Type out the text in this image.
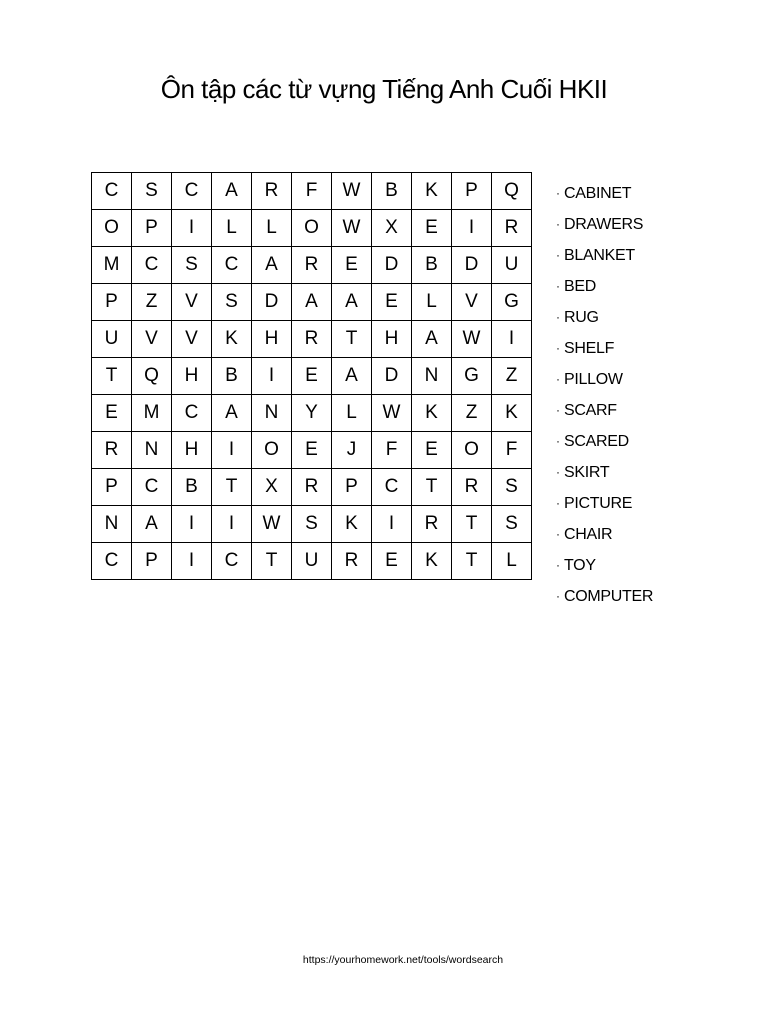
Ôn tập các từ vựng Tiếng Anh Cuối HKII
C	S	C	A	R	F	W	B	K	P	Q
O	P	I	L	L	O	W	X	E	I	R
M	C	S	C	A	R	E	D	B	D	U
P	Z	V	S	D	A	A	E	L	V	G
U	V	V	K	H	R	T	H	A	W	I
T	Q	H	B	I	E	A	D	N	G	Z
E	M	C	A	N	Y	L	W	K	Z	K
R	N	H	I	O	E	J	F	E	O	F
P	C	B	T	X	R	P	C	T	R	S
N	A	I	I	W	S	K	I	R	T	S
C	P	I	C	T	U	R	E	K	T	L
· CABINET
· DRAWERS
· BLANKET
· BED
· RUG
· SHELF
· PILLOW
· SCARF
· SCARED
· SKIRT
· PICTURE
· CHAIR
· TOY
· COMPUTER
https://yourhomework.net/tools/wordsearch
